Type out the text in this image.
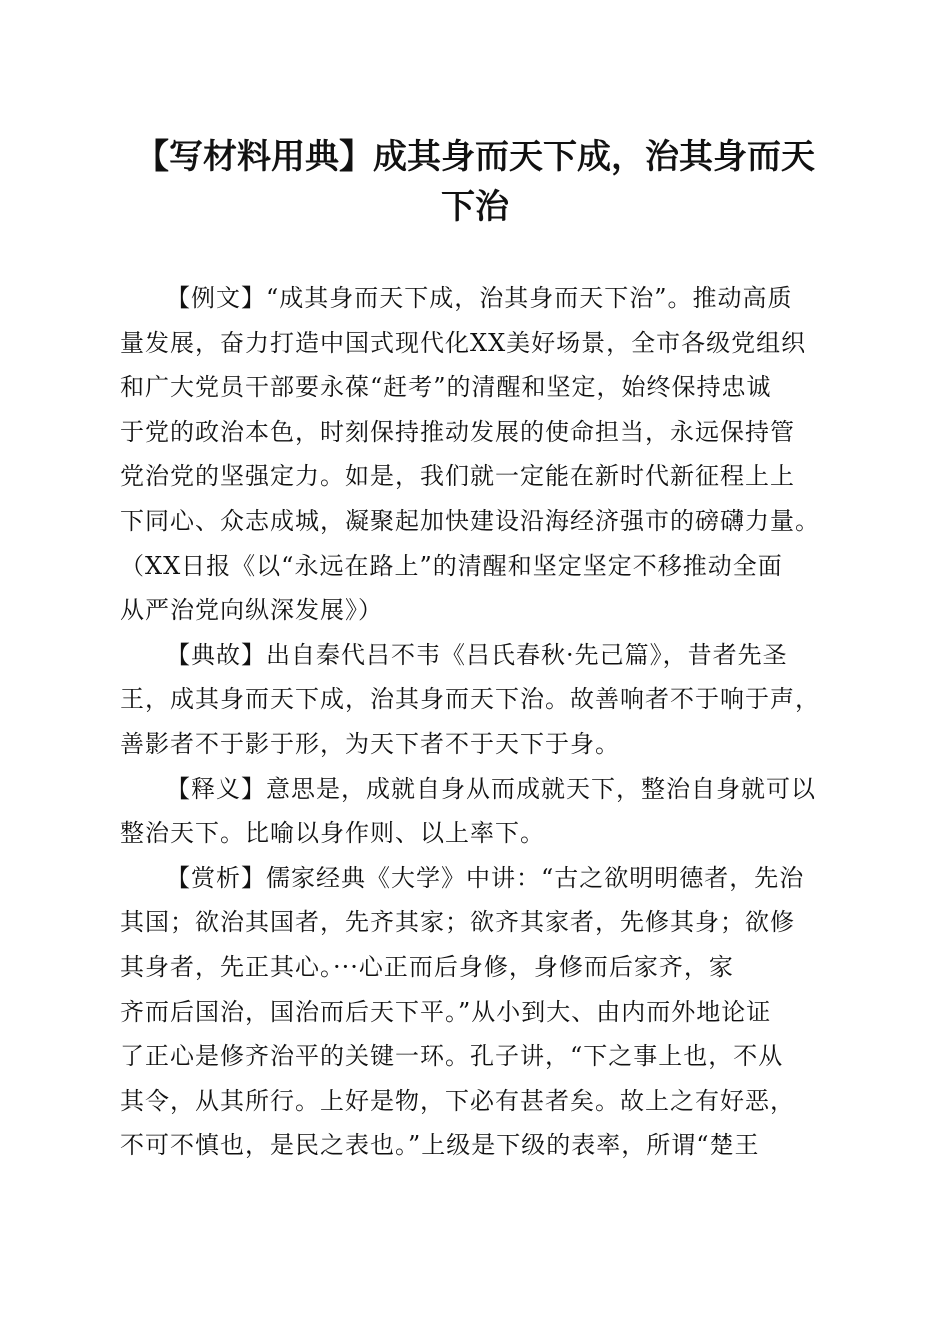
【写材料用典】成其身而天下成，治其身而天
下治
【例文】“成其身而天下成，治其身而天下治”。推动高质
量发展，奋力打造中国式现代化XX美好场景，全市各级党组织
和广大党员干部要永葆“赶考”的清醒和坚定，始终保持忠诚
于党的政治本色，时刻保持推动发展的使命担当，永远保持管
党治党的坚强定力。如是，我们就一定能在新时代新征程上上
下同心、众志成城，凝聚起加快建设沿海经济强市的磅礴力量。
（XX日报《以“永远在路上”的清醒和坚定坚定不移推动全面
从严治党向纵深发展》）
【典故】出自秦代吕不韦《吕氏春秋·先己篇》，昔者先圣
王，成其身而天下成，治其身而天下治。故善响者不于响于声，
善影者不于影于形，为天下者不于天下于身。
【释义】意思是，成就自身从而成就天下，整治自身就可以
整治天下。比喻以身作则、以上率下。
【赏析】儒家经典《大学》中讲：“古之欲明明德者，先治
其国；欲治其国者，先齐其家；欲齐其家者，先修其身；欲修
其身者，先正其心。···心正而后身修，身修而后家齐，家
齐而后国治，国治而后天下平。”从小到大、由内而外地论证
了正心是修齐治平的关键一环。孔子讲，“下之事上也，不从
其令，从其所行。上好是物，下必有甚者矣。故上之有好恶，
不可不慎也，是民之表也。”上级是下级的表率，所谓“楚王
